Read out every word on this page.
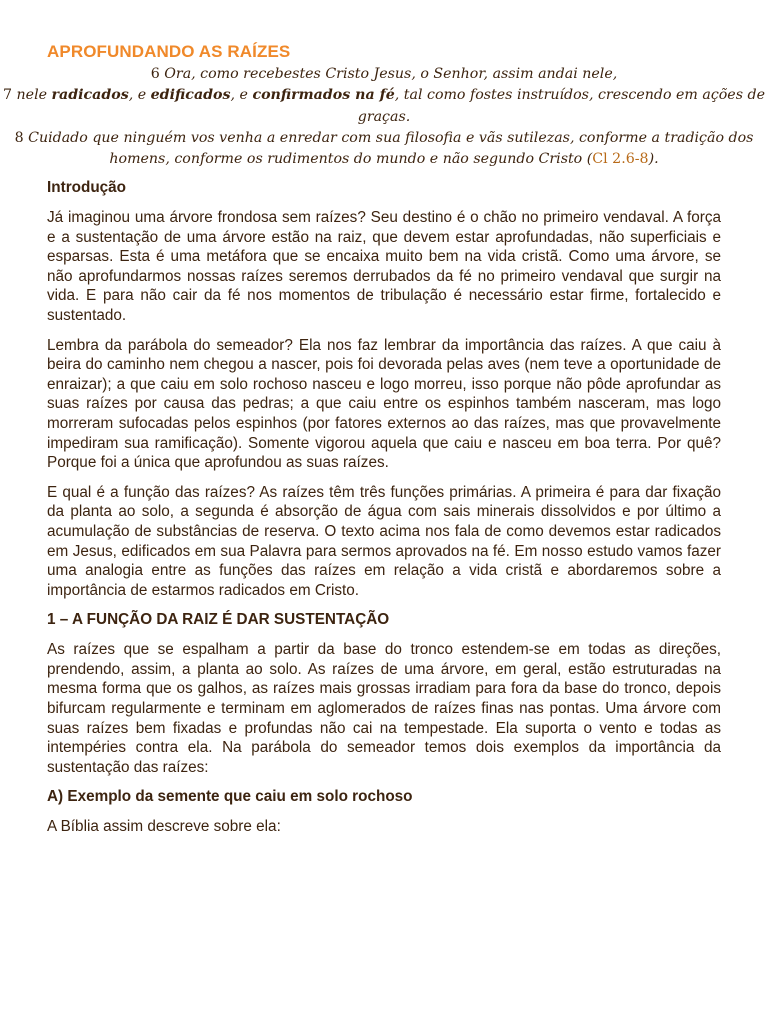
APROFUNDANDO AS RAÍZES

6 Ora, como recebestes Cristo Jesus, o Senhor, assim andai nele,

7 nele radicados, e edificados, e confirmados na fé, tal como fostes instruídos, crescendo em ações de graças.

8 Cuidado que ninguém vos venha a enredar com sua filosofia e vãs sutilezas, conforme a tradição dos homens, conforme os rudimentos do mundo e não segundo Cristo (Cl 2.6-8).

Introdução

Já imaginou uma árvore frondosa sem raízes? Seu destino é o chão no primeiro vendaval. A força e a sustentação de uma árvore estão na raiz, que devem estar aprofundadas, não superficiais e esparsas. Esta é uma metáfora que se encaixa muito bem na vida cristã. Como uma árvore, se não aprofundarmos nossas raízes seremos derrubados da fé no primeiro vendaval que surgir na vida. E para não cair da fé nos momentos de tribulação é necessário estar firme, fortalecido e sustentado.

Lembra da parábola do semeador? Ela nos faz lembrar da importância das raízes. A que caiu à beira do caminho nem chegou a nascer, pois foi devorada pelas aves (nem teve a oportunidade de enraizar); a que caiu em solo rochoso nasceu e logo morreu, isso porque não pôde aprofundar as suas raízes por causa das pedras; a que caiu entre os espinhos também nasceram, mas logo morreram sufocadas pelos espinhos (por fatores externos ao das raízes, mas que provavelmente impediram sua ramificação). Somente vigorou aquela que caiu e nasceu em boa terra. Por quê? Porque foi a única que aprofundou as suas raízes.

E qual é a função das raízes? As raízes têm três funções primárias. A primeira é para dar fixação da planta ao solo, a segunda é absorção de água com sais minerais dissolvidos e por último a acumulação de substâncias de reserva. O texto acima nos fala de como devemos estar radicados em Jesus, edificados em sua Palavra para sermos aprovados na fé. Em nosso estudo vamos fazer uma analogia entre as funções das raízes em relação a vida cristã e abordaremos sobre a importância de estarmos radicados em Cristo.

1 – A FUNÇÃO DA RAIZ É DAR SUSTENTAÇÃO

As raízes que se espalham a partir da base do tronco estendem-se em todas as direções, prendendo, assim, a planta ao solo. As raízes de uma árvore, em geral, estão estruturadas na mesma forma que os galhos, as raízes mais grossas irradiam para fora da base do tronco, depois bifurcam regularmente e terminam em aglomerados de raízes finas nas pontas. Uma árvore com suas raízes bem fixadas e profundas não cai na tempestade. Ela suporta o vento e todas as intempéries contra ela. Na parábola do semeador temos dois exemplos da importância da sustentação das raízes:

A) Exemplo da semente que caiu em solo rochoso

A Bíblia assim descreve sobre ela:
